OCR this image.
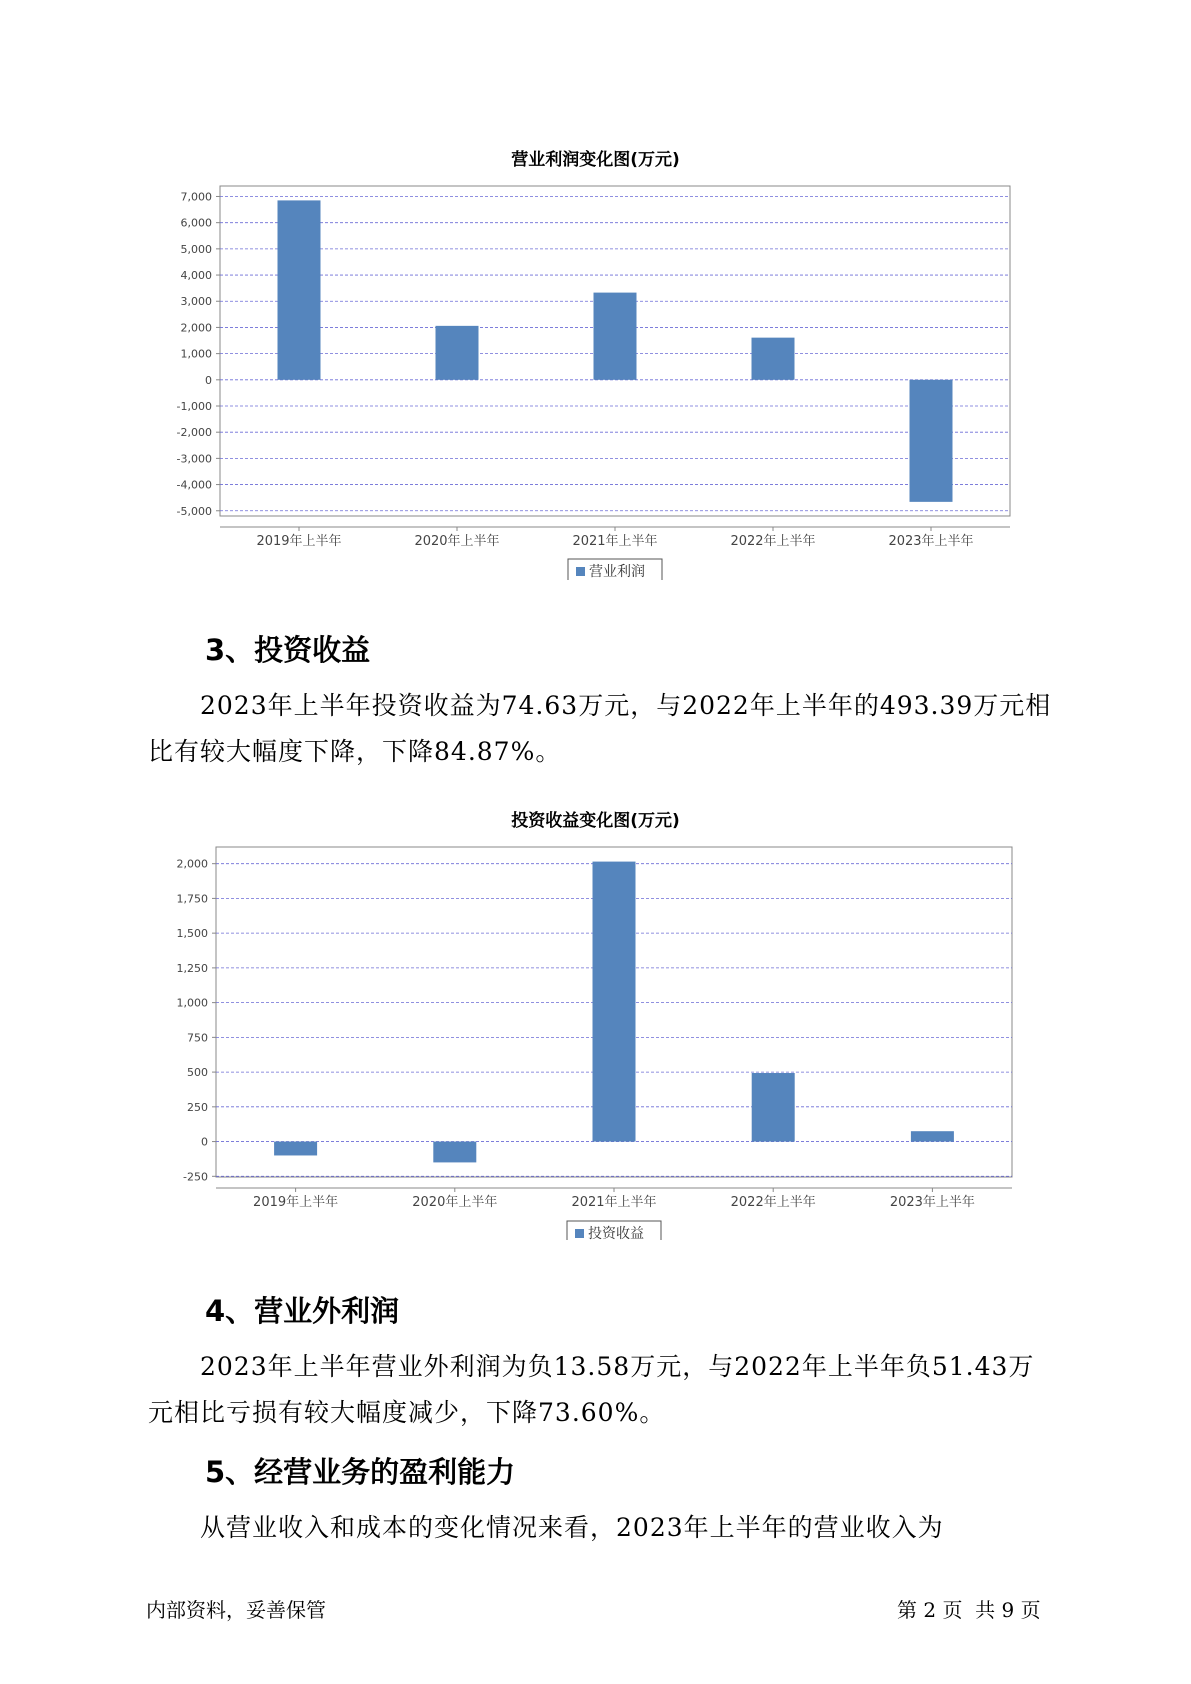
营业利润变化图(万元)
7,000
6,000
5,000
4,000
3,000
2,000
1,000
0
-1,000
-2,000
-3,000
-4,000
-5,000
2019年上半年	2020年上半年	2021年上半年	2022年上半年	2023年上半年
营业利润
3、投资收益

2023年上半年投资收益为74.63万元，与2022年上半年的493.39万元相
比有较大幅度下降，下降84.87%。

投资收益变化图(万元)
2,000
1,750
1,500
1,250
1,000
750
500
250
0
-250
2019年上半年	2020年上半年	2021年上半年	2022年上半年	2023年上半年
投资收益
4、营业外利润

2023年上半年营业外利润为负13.58万元，与2022年上半年负51.43万
元相比亏损有较大幅度减少，下降73.60%。

5、经营业务的盈利能力

从营业收入和成本的变化情况来看，2023年上半年的营业收入为

内部资料，妥善保管	第 2 页  共 9 页
